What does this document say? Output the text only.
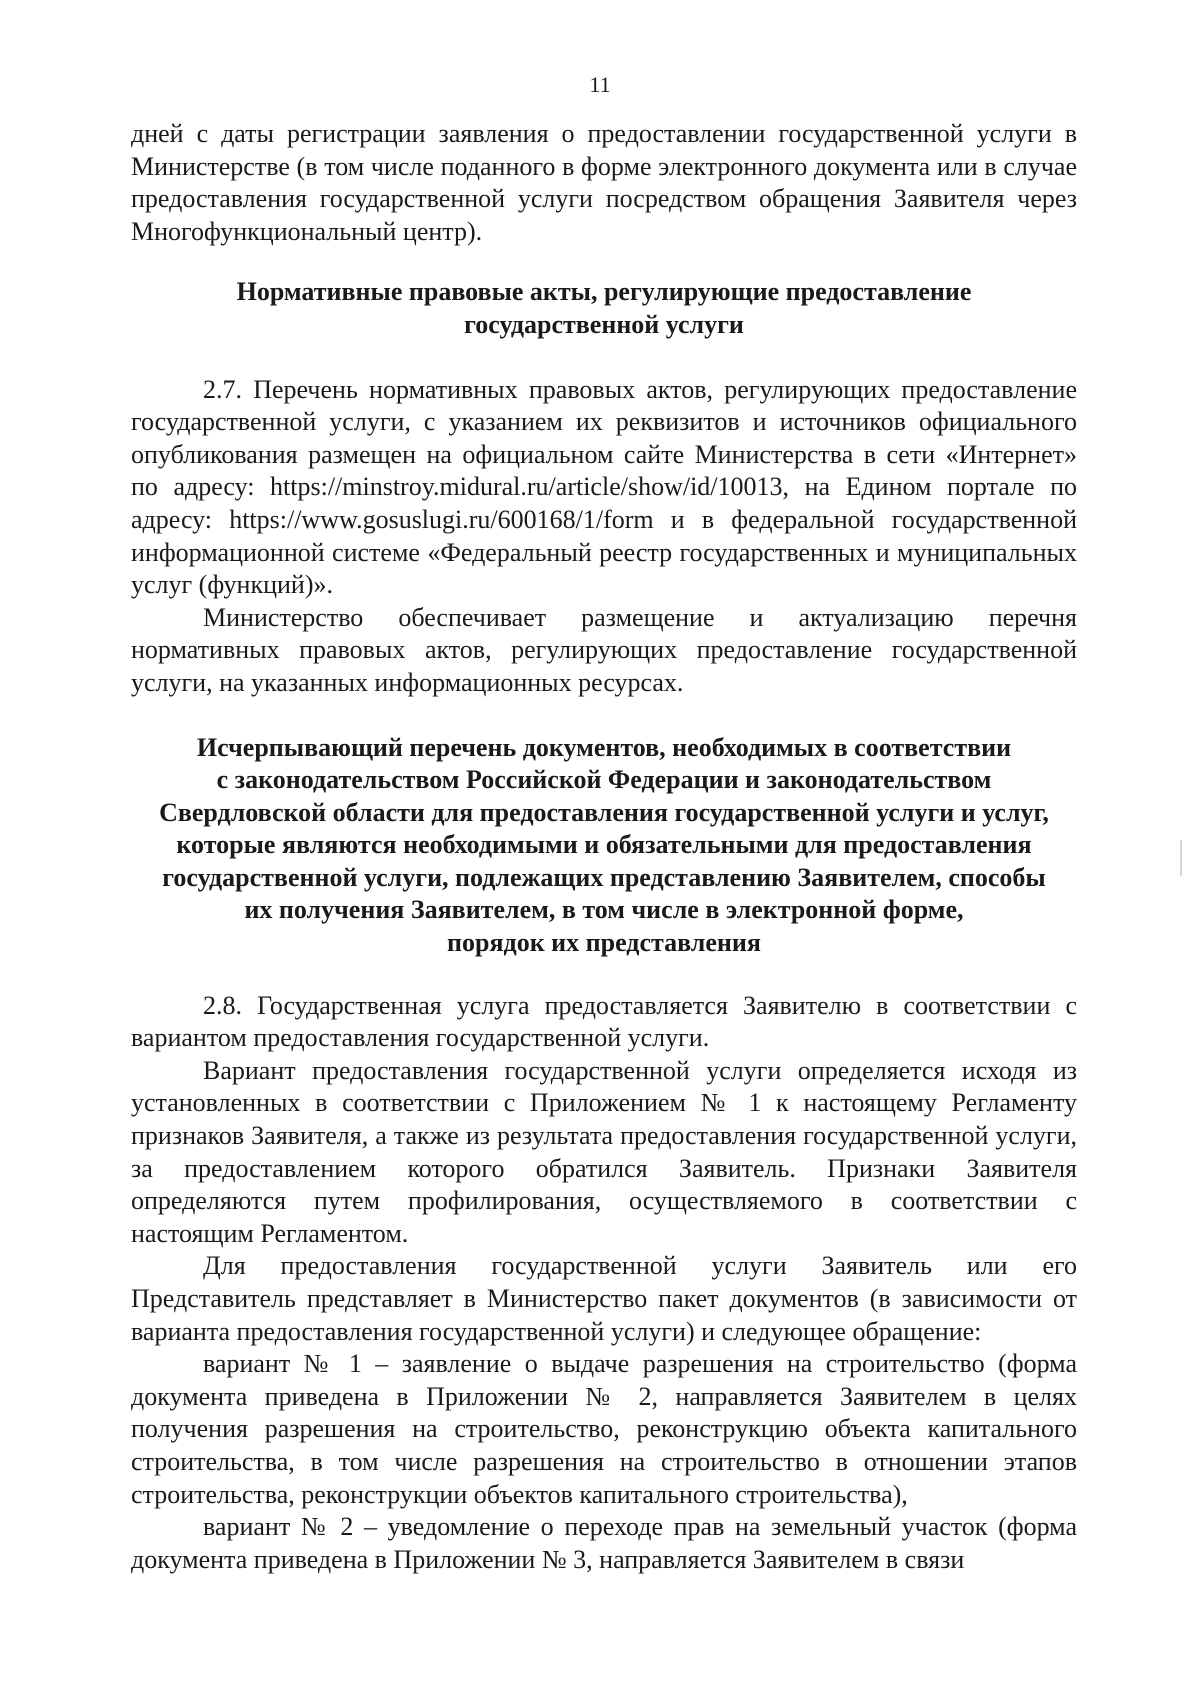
11

дней с даты регистрации заявления о предоставлении государственной услуги в Министерстве (в том числе поданного в форме электронного документа или в случае предоставления государственной услуги посредством обращения Заявителя через Многофункциональный центр).

Нормативные правовые акты, регулирующие предоставление
государственной услуги

2.7. Перечень нормативных правовых актов, регулирующих предоставление государственной услуги, с указанием их реквизитов и источников официального опубликования размещен на официальном сайте Министерства в сети «Интернет» по адресу: https://minstroy.midural.ru/article/show/id/10013, на Едином портале по адресу: https://www.gosuslugi.ru/600168/1/form и в федеральной государственной информационной системе «Федеральный реестр государственных и муниципальных услуг (функций)».

Министерство обеспечивает размещение и актуализацию перечня нормативных правовых актов, регулирующих предоставление государственной услуги, на указанных информационных ресурсах.

Исчерпывающий перечень документов, необходимых в соответствии
с законодательством Российской Федерации и законодательством
Свердловской области для предоставления государственной услуги и услуг,
которые являются необходимыми и обязательными для предоставления
государственной услуги, подлежащих представлению Заявителем, способы
их получения Заявителем, в том числе в электронной форме,
порядок их представления

2.8. Государственная услуга предоставляется Заявителю в соответствии с вариантом предоставления государственной услуги.

Вариант предоставления государственной услуги определяется исходя из установленных в соответствии с Приложением № 1 к настоящему Регламенту признаков Заявителя, а также из результата предоставления государственной услуги, за предоставлением которого обратился Заявитель. Признаки Заявителя определяются путем профилирования, осуществляемого в соответствии с настоящим Регламентом.

Для предоставления государственной услуги Заявитель или его Представитель представляет в Министерство пакет документов (в зависимости от варианта предоставления государственной услуги) и следующее обращение:

вариант № 1 – заявление о выдаче разрешения на строительство (форма документа приведена в Приложении № 2, направляется Заявителем в целях получения разрешения на строительство, реконструкцию объекта капитального строительства, в том числе разрешения на строительство в отношении этапов строительства, реконструкции объектов капитального строительства),

вариант № 2 – уведомление о переходе прав на земельный участок (форма документа приведена в Приложении № 3, направляется Заявителем в связи
